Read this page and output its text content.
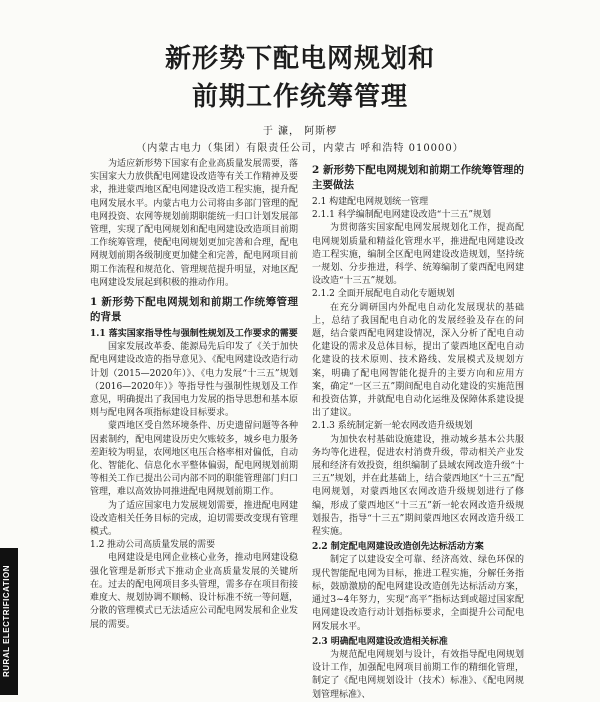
新形势下配电网规划和
前期工作统筹管理
于 濂， 阿斯椤
（内蒙古电力（集团）有限责任公司，内蒙古 呼和浩特 010000）

为适应新形势下国家有企业高质量发展需要，落实国家大力放供配电网建设改造等有关工作精神及要求，推进蒙西地区配电网建设改造工程实施，提升配电网发展水平。内蒙古电力公司将由多部门管理的配电网投资、农网等规划前期职能统一归口计划发展部管理，实现了配电网规划和配电网建设改造项目前期工作统筹管理，使配电网规划更加完善和合理，配电网规划前期各级制度更加健全和完善，配电网项目前期工作流程和规范化、管理规范提升明显，对地区配电网建设发展起到积极的推动作用。

1 新形势下配电网规划和前期工作统筹管理的背景
1.1 落实国家指导性与强制性规划及工作要求的需要

国家发展改革委、能源局先后印发了《关于加快配电网建设改造的指导意见》、《配电网建设改造行动计划（2015—2020年）》、《电力发展“十三五”规划（2016—2020年）》等指导性与强制性规划及工作意见，明确提出了我国电力发展的指导思想和基本原则与配电网各项指标建设目标要求。

蒙西地区受自然环境条件、历史遗留问题等各种因素制约，配电网建设历史欠账较多，城乡电力服务差距较为明显，农网地区电压合格率相对偏低，自动化、智能化、信息化水平整体偏弱，配电网规划前期等相关工作已提出公司内部不同的职能管理部门归口管理，难以高效协同推进配电网规划前期工作。

为了适应国家电力发展规划需要，推进配电网建设改造相关任务目标的完成，迫切需要改变现有管理模式。

1.2 推动公司高质量发展的需要

电网建设是电网企业核心业务，推动电网建设稳强化管理是新形式下推动企业高质量发展的关键所在。过去的配电网项目多头管理，需多存在项目衔接难度大、规划协调不顺畅、设计标准不统一等问题，分散的管理模式已无法适应公司配电网发展和企业发展的需要。

2 新形势下配电网规划和前期工作统筹管理的主要做法
2.1 构建配电网规划统一管理
2.1.1 科学编制配电网建设改造“十三五”规划

为贯彻落实国家配电网发展规划化工作，提高配电网规划质量和精益化管理水平，推进配电网建设改造工程实施，编制全区配电网建设改造规划，坚持统一规划、分步推进，科学、统筹编制了蒙西配电网建设改造“十三五”规划。

2.1.2 全面开展配电自动化专题规划

在充分调研国内外配电自动化发展现状的基础上，总结了我国配电自动化的发展经验及存在的问题，结合蒙西配电网建设情况，深入分析了配电自动化建设的需求及总体目标，提出了蒙西地区配电自动化建设的技术原则、技术路线、发展模式及规划方案，明确了配电网智能化提升的主要方向和应用方案，确定“一区三五”期间配电自动化建设的实施范围和投资估算，并就配电自动化运维及保障体系建设提出了建议。

2.1.3 系统制定新一轮农网改造升级规划

为加快农村基础设施建设，推动城乡基本公共服务均等化进程，促进农村消费升级，带动相关产业发展和经济有效投资，组织编制了县域农网改造升级“十三五”规划，并在此基础上，结合蒙西地区“十三五”配电网规划，对蒙西地区农网改造升级规划进行了修编，形成了蒙西地区“十三五”新一轮农网改造升级规划报告，指导“十三五”期间蒙西地区农网改造升级工程实施。

2.2 制定配电网建设改造创先达标活动方案

制定了以建设安全可靠、经济高效、绿色环保的现代智能配电网为目标，推进工程实施，分解任务指标，鼓励激励的配电网建设改造创先达标活动方案，通过3~4年努力，实现“高平”指标达到或超过国家配电网建设改造行动计划指标要求，全面提升公司配电网发展水平。

2.3 明确配电网建设改造相关标准

为规范配电网规划与设计，有效指导配电网规划设计工作，加强配电网项目前期工作的精细化管理，制定了《配电网规划设计（技术）标准》、《配电网规划管理标准》、

RURAL ELECTRIFICATION
